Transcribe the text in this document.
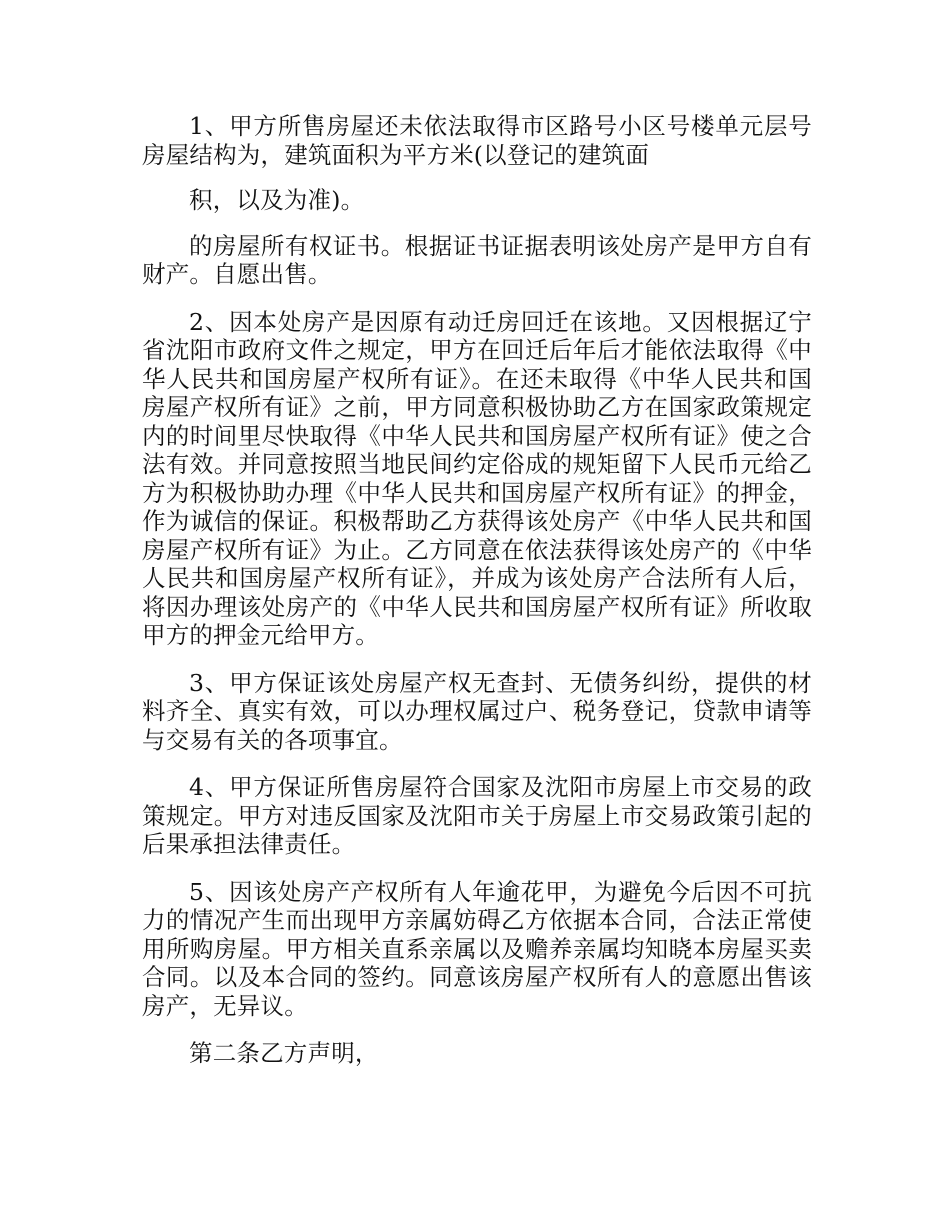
1、甲方所售房屋还未依法取得市区路号小区号楼单元层号房屋结构为，建筑面积为平方米(以登记的建筑面

积，以及为准)。

的房屋所有权证书。根据证书证据表明该处房产是甲方自有财产。自愿出售。

2、因本处房产是因原有动迁房回迁在该地。又因根据辽宁省沈阳市政府文件之规定，甲方在回迁后年后才能依法取得《中华人民共和国房屋产权所有证》。在还未取得《中华人民共和国房屋产权所有证》之前，甲方同意积极协助乙方在国家政策规定内的时间里尽快取得《中华人民共和国房屋产权所有证》使之合法有效。并同意按照当地民间约定俗成的规矩留下人民币元给乙方为积极协助办理《中华人民共和国房屋产权所有证》的押金，作为诚信的保证。积极帮助乙方获得该处房产《中华人民共和国房屋产权所有证》为止。乙方同意在依法获得该处房产的《中华人民共和国房屋产权所有证》，并成为该处房产合法所有人后，将因办理该处房产的《中华人民共和国房屋产权所有证》所收取甲方的押金元给甲方。

3、甲方保证该处房屋产权无查封、无债务纠纷，提供的材料齐全、真实有效，可以办理权属过户、税务登记，贷款申请等与交易有关的各项事宜。

4、甲方保证所售房屋符合国家及沈阳市房屋上市交易的政策规定。甲方对违反国家及沈阳市关于房屋上市交易政策引起的后果承担法律责任。

5、因该处房产产权所有人年逾花甲，为避免今后因不可抗力的情况产生而出现甲方亲属妨碍乙方依据本合同，合法正常使用所购房屋。甲方相关直系亲属以及赡养亲属均知晓本房屋买卖合同。以及本合同的签约。同意该房屋产权所有人的意愿出售该房产，无异议。

第二条乙方声明，
